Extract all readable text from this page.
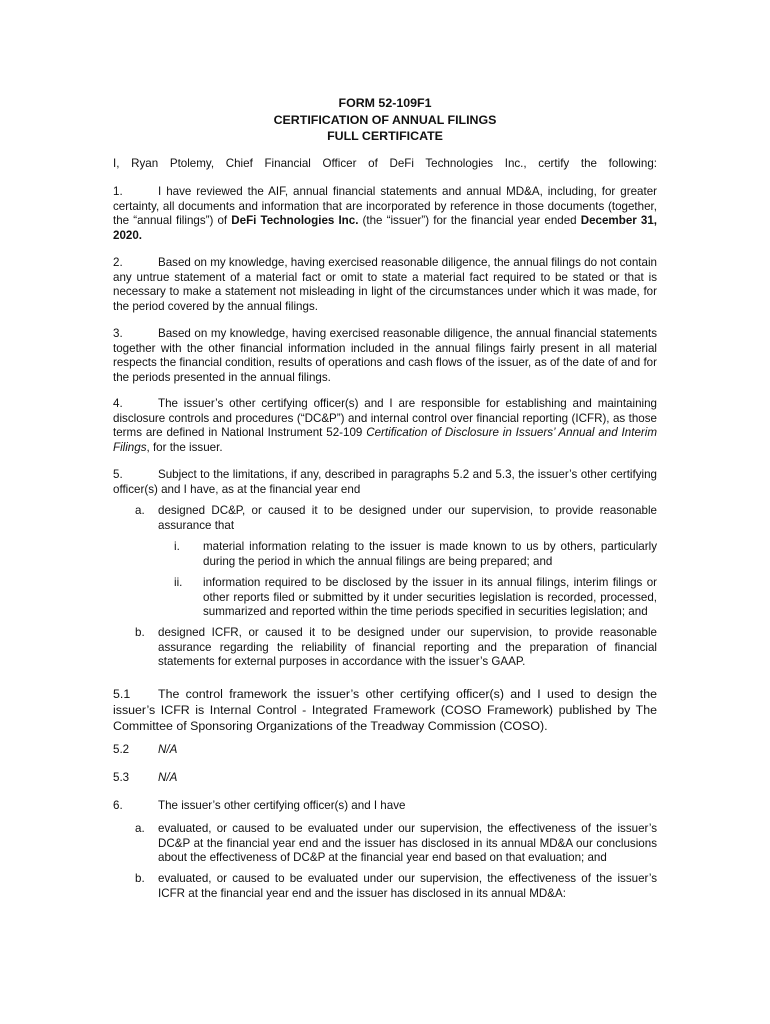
FORM 52-109F1
CERTIFICATION OF ANNUAL FILINGS
FULL CERTIFICATE
I, Ryan Ptolemy, Chief Financial Officer of DeFi Technologies Inc., certify the following:
1.	I have reviewed the AIF, annual financial statements and annual MD&A, including, for greater certainty, all documents and information that are incorporated by reference in those documents (together, the “annual filings”) of DeFi Technologies Inc. (the “issuer”) for the financial year ended December 31, 2020.
2.	Based on my knowledge, having exercised reasonable diligence, the annual filings do not contain any untrue statement of a material fact or omit to state a material fact required to be stated or that is necessary to make a statement not misleading in light of the circumstances under which it was made, for the period covered by the annual filings.
3.	Based on my knowledge, having exercised reasonable diligence, the annual financial statements together with the other financial information included in the annual filings fairly present in all material respects the financial condition, results of operations and cash flows of the issuer, as of the date of and for the periods presented in the annual filings.
4.	The issuer’s other certifying officer(s) and I are responsible for establishing and maintaining disclosure controls and procedures (“DC&P”) and internal control over financial reporting (ICFR), as those terms are defined in National Instrument 52-109 Certification of Disclosure in Issuers’ Annual and Interim Filings, for the issuer.
5.	Subject to the limitations, if any, described in paragraphs 5.2 and 5.3, the issuer’s other certifying officer(s) and I have, as at the financial year end
a. designed DC&P, or caused it to be designed under our supervision, to provide reasonable assurance that
i. material information relating to the issuer is made known to us by others, particularly during the period in which the annual filings are being prepared; and
ii. information required to be disclosed by the issuer in its annual filings, interim filings or other reports filed or submitted by it under securities legislation is recorded, processed, summarized and reported within the time periods specified in securities legislation; and
b. designed ICFR, or caused it to be designed under our supervision, to provide reasonable assurance regarding the reliability of financial reporting and the preparation of financial statements for external purposes in accordance with the issuer’s GAAP.
5.1 The control framework the issuer’s other certifying officer(s) and I used to design the issuer’s ICFR is Internal Control - Integrated Framework (COSO Framework) published by The Committee of Sponsoring Organizations of the Treadway Commission (COSO).
5.2 N/A
5.3 N/A
6.	The issuer’s other certifying officer(s) and I have
a. evaluated, or caused to be evaluated under our supervision, the effectiveness of the issuer’s DC&P at the financial year end and the issuer has disclosed in its annual MD&A our conclusions about the effectiveness of DC&P at the financial year end based on that evaluation; and
b. evaluated, or caused to be evaluated under our supervision, the effectiveness of the issuer’s ICFR at the financial year end and the issuer has disclosed in its annual MD&A:
